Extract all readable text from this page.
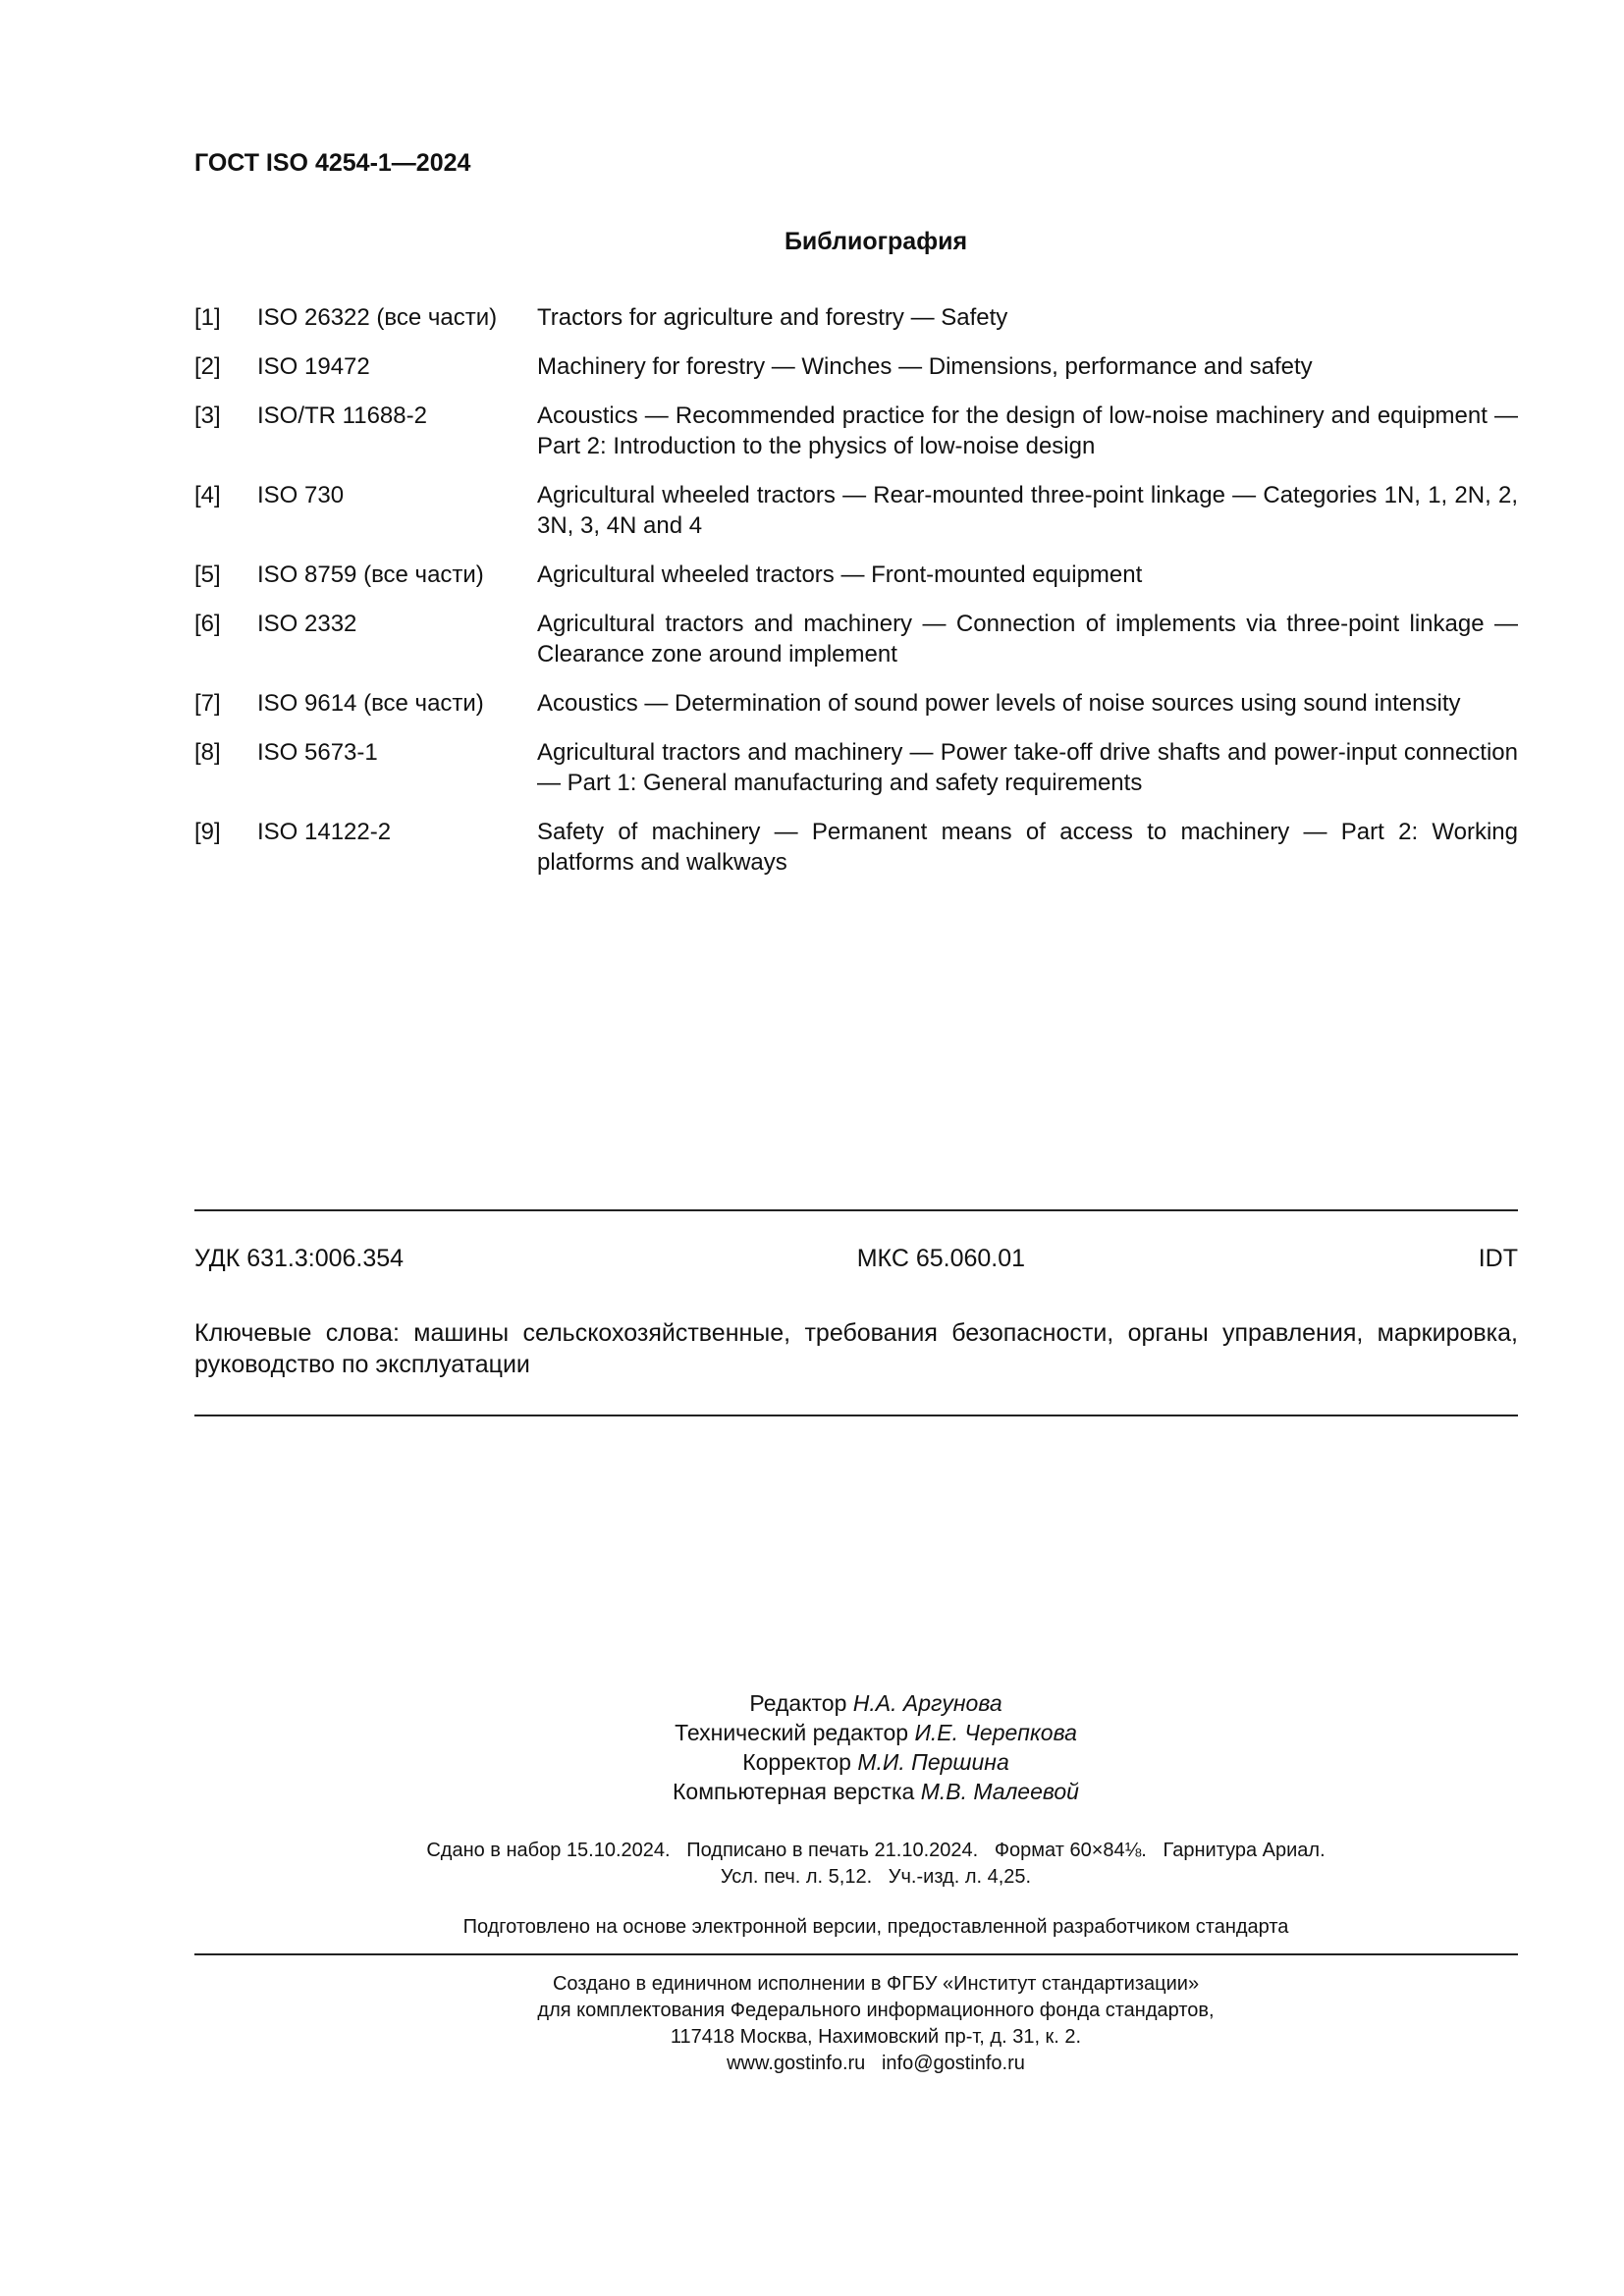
ГОСТ ISO 4254-1—2024
Библиография
[1]	ISO 26322 (все части)	Tractors for agriculture and forestry — Safety
[2]	ISO 19472	Machinery for forestry — Winches — Dimensions, performance and safety
[3]	ISO/TR 11688-2	Acoustics — Recommended practice for the design of low-noise machinery and equipment — Part 2: Introduction to the physics of low-noise design
[4]	ISO 730	Agricultural wheeled tractors — Rear-mounted three-point linkage — Categories 1N, 1, 2N, 2, 3N, 3, 4N and 4
[5]	ISO 8759 (все части)	Agricultural wheeled tractors — Front-mounted equipment
[6]	ISO 2332	Agricultural tractors and machinery — Connection of implements via three-point linkage — Clearance zone around implement
[7]	ISO 9614 (все части)	Acoustics — Determination of sound power levels of noise sources using sound intensity
[8]	ISO 5673-1	Agricultural tractors and machinery — Power take-off drive shafts and power-input connection — Part 1: General manufacturing and safety requirements
[9]	ISO 14122-2	Safety of machinery — Permanent means of access to machinery — Part 2: Working platforms and walkways
УДК 631.3:006.354	МКС 65.060.01	IDT
Ключевые слова: машины сельскохозяйственные, требования безопасности, органы управления, маркировка, руководство по эксплуатации
Редактор Н.А. Аргунова
Технический редактор И.Е. Черепкова
Корректор М.И. Першина
Компьютерная верстка М.В. Малеевой
Сдано в набор 15.10.2024.   Подписано в печать 21.10.2024.   Формат 60×84⅛.   Гарнитура Ариал.
Усл. печ. л. 5,12.   Уч.-изд. л. 4,25.
Подготовлено на основе электронной версии, предоставленной разработчиком стандарта
Создано в единичном исполнении в ФГБУ «Институт стандартизации»
для комплектования Федерального информационного фонда стандартов,
117418 Москва, Нахимовский пр-т, д. 31, к. 2.
www.gostinfo.ru   info@gostinfo.ru
